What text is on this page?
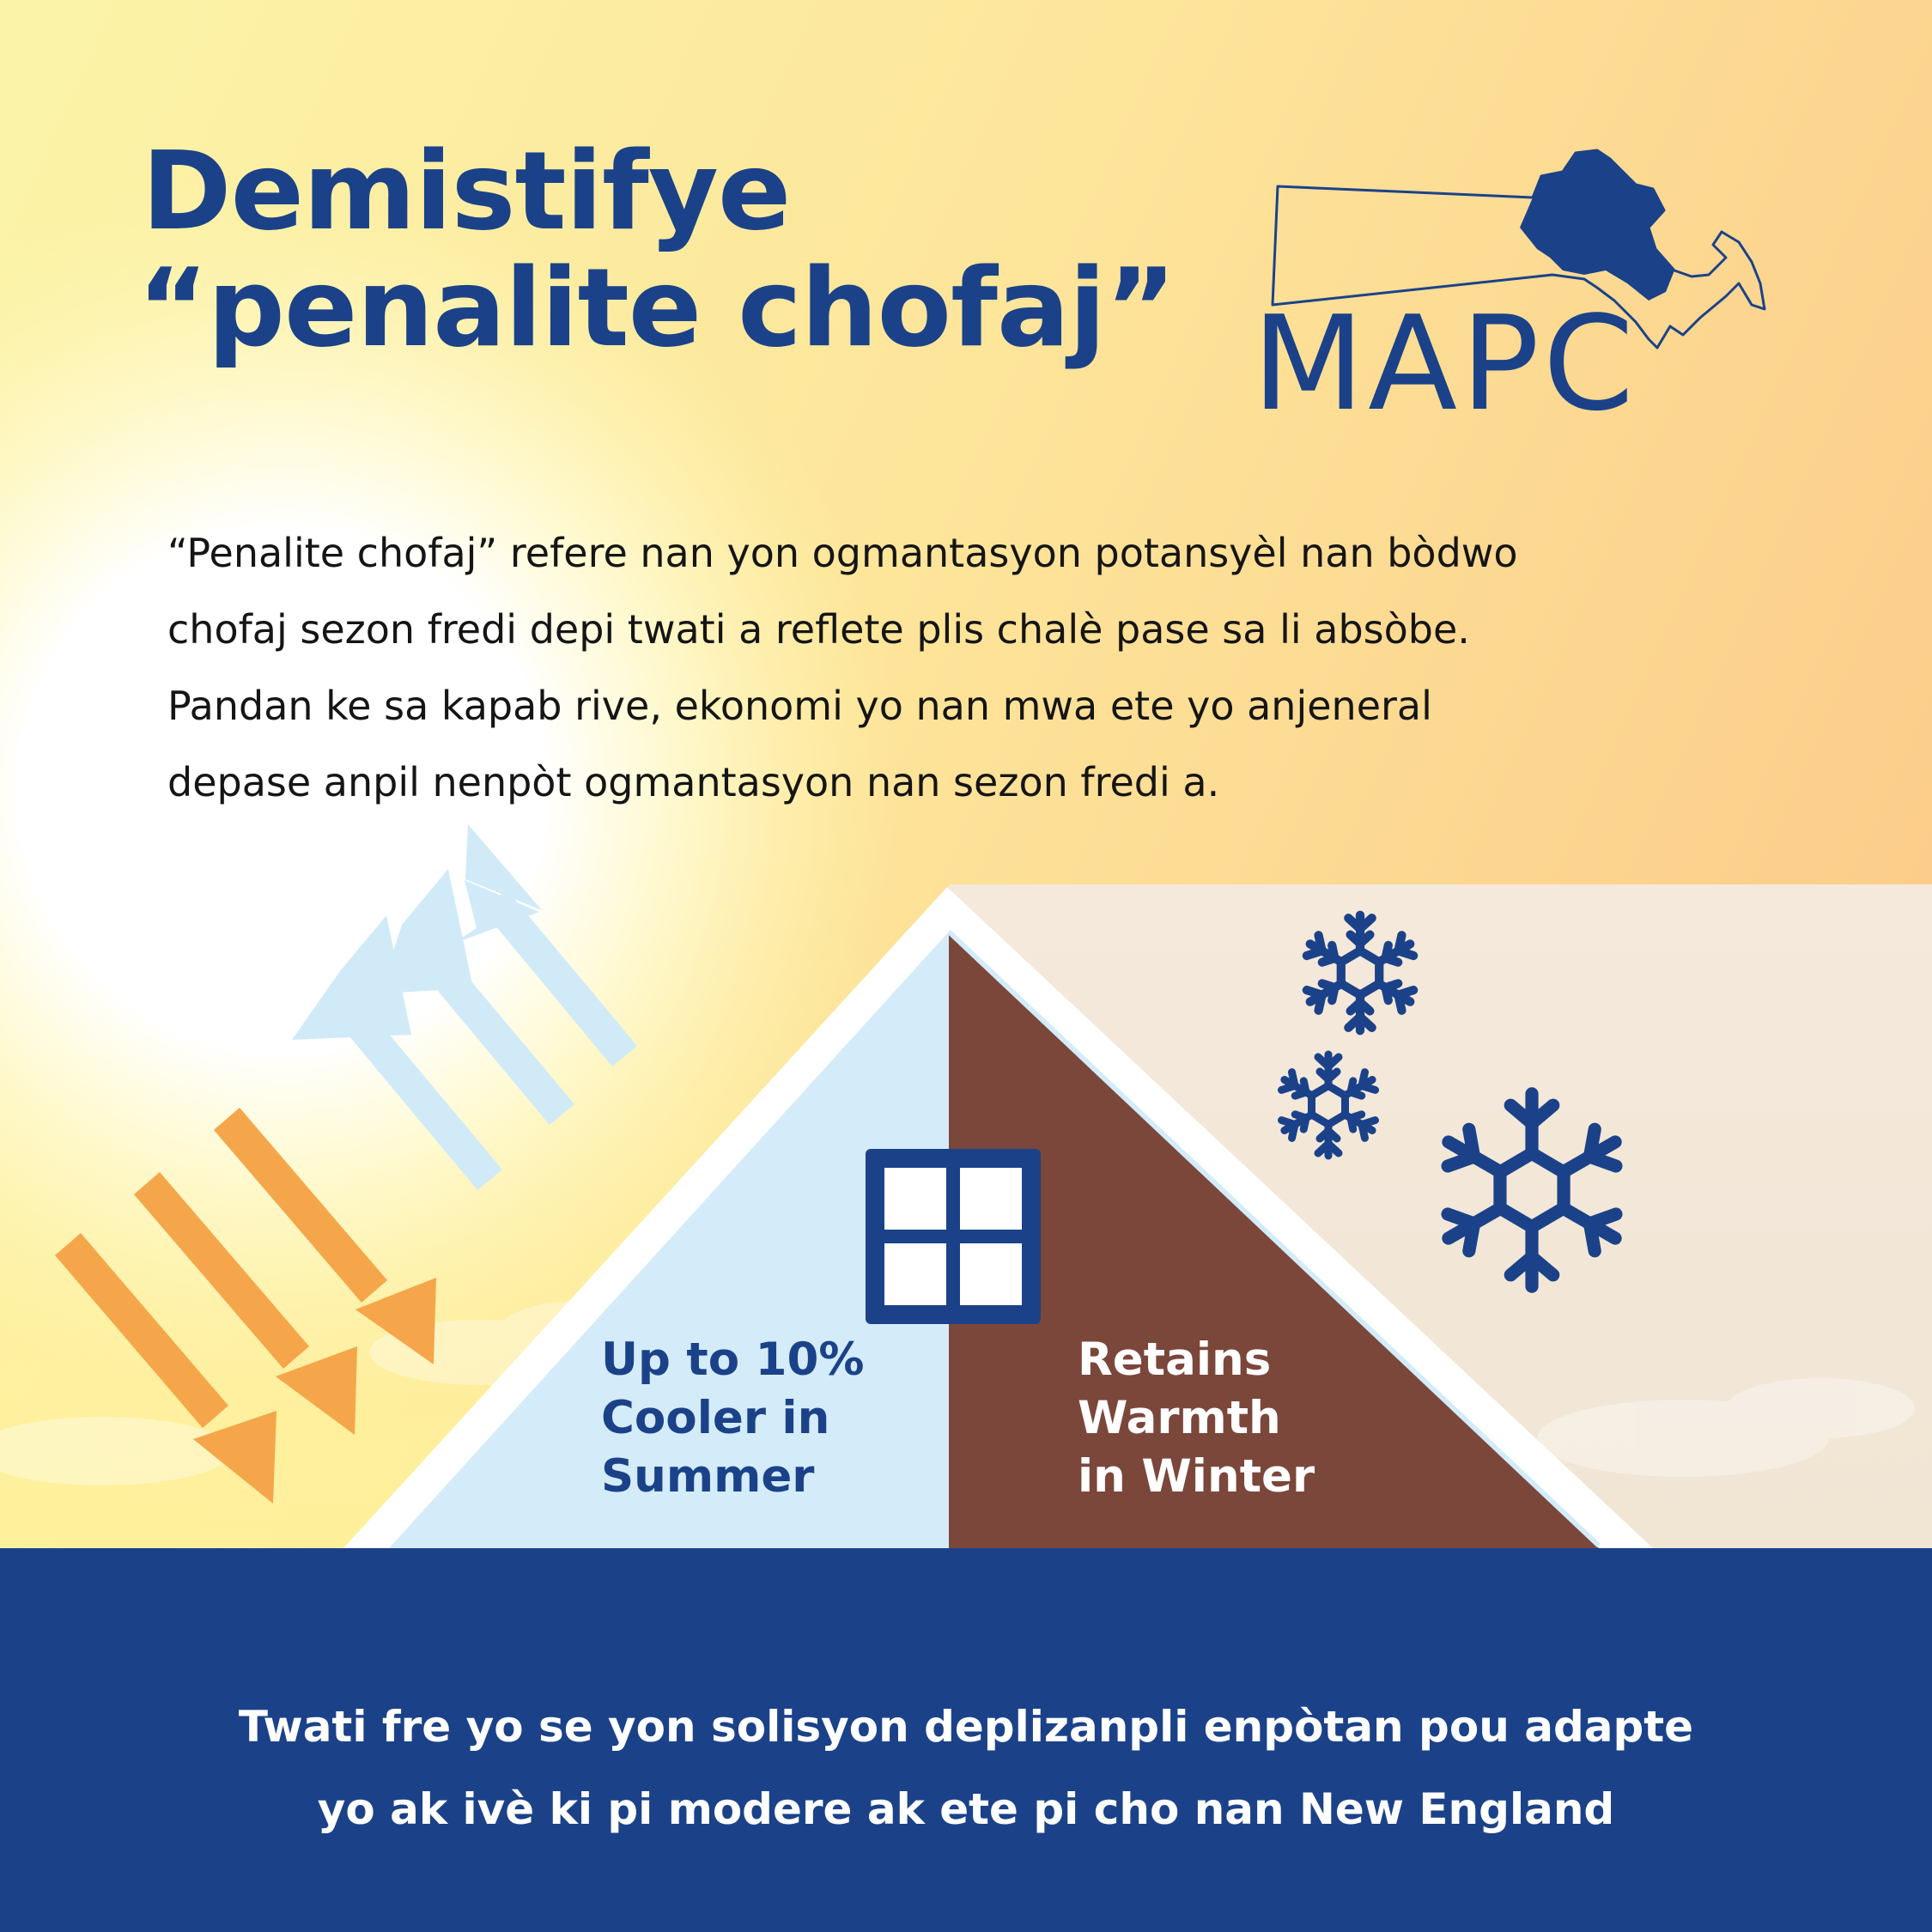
Demistifye
“penalite chofaj” MAPC

“Penalite chofaj” refere nan yon ogmantasyon potansyèl nan bòdwo
chofaj sezon fredi depi twati a reflete plis chalè pase sa li absòbe.
Pandan ke sa kapab rive, ekonomi yo nan mwa ete yo anjeneral
depase anpil nenpòt ogmantasyon nan sezon fredi a.

Up to 10%
Cooler in
Summer

Retains
Warmth
in Winter

Twati fre yo se yon solisyon deplizanpli enpòtan pou adapte
yo ak ivè ki pi modere ak ete pi cho nan New England
